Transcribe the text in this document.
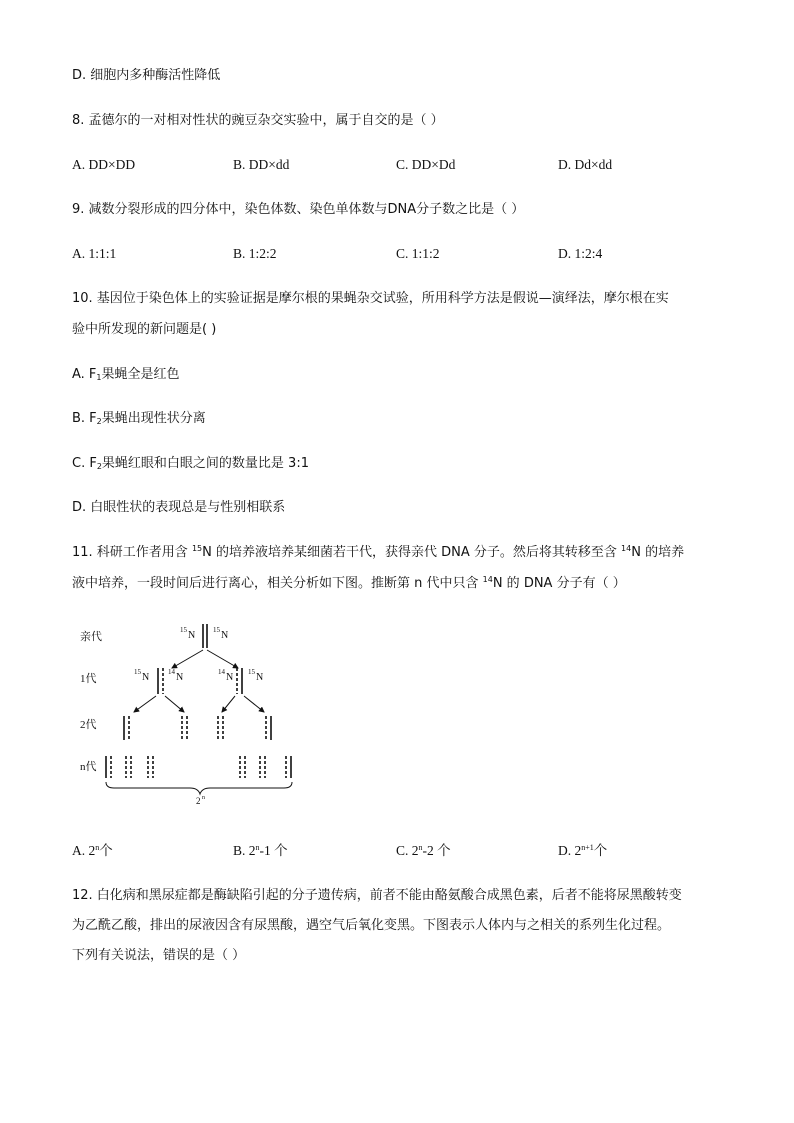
D. 细胞内多种酶活性降低
8. 孟德尔的一对相对性状的豌豆杂交实验中，属于自交的是（ ）
A. DD×DD	B. DD×dd	C. DD×Dd	D. Dd×dd
9. 减数分裂形成的四分体中，染色体数、染色单体数与DNA分子数之比是（ ）
A. 1:1:1	B. 1:2:2	C. 1:1:2	D. 1:2:4
10. 基因位于染色体上的实验证据是摩尔根的果蝇杂交试验，所用科学方法是假说—演绎法，摩尔根在实
验中所发现的新问题是( )
A. $F_1$果蝇全是红色
B. $F_2$果蝇出现性状分离
C. $F_2$果蝇红眼和白眼之间的数量比是 3:1
D. 白眼性状的表现总是与性别相联系
11. 科研工作者用含 $^{15}$N 的培养液培养某细菌若干代，获得亲代 DNA 分子。然后将其转移至含 $^{14}$N 的培养
液中培养，一段时间后进行离心，相关分析如下图。推断第 n 代中只含 $^{14}$N 的 DNA 分子有（ ）
亲代
1代
2代
n代
15 N	15 N
15 N	14 N	14 N 15 N
2 n
A. 2$^n$个	B. 2$^n$-1 个	C. 2$^n$-2 个	D. $2^{n+1}$个
12. 白化病和黑尿症都是酶缺陷引起的分子遗传病，前者不能由酪氨酸合成黑色素，后者不能将尿黑酸转变
为乙酰乙酸，排出的尿液因含有尿黑酸，遇空气后氧化变黑。下图表示人体内与之相关的系列生化过程。
下列有关说法，错误的是（ ）
